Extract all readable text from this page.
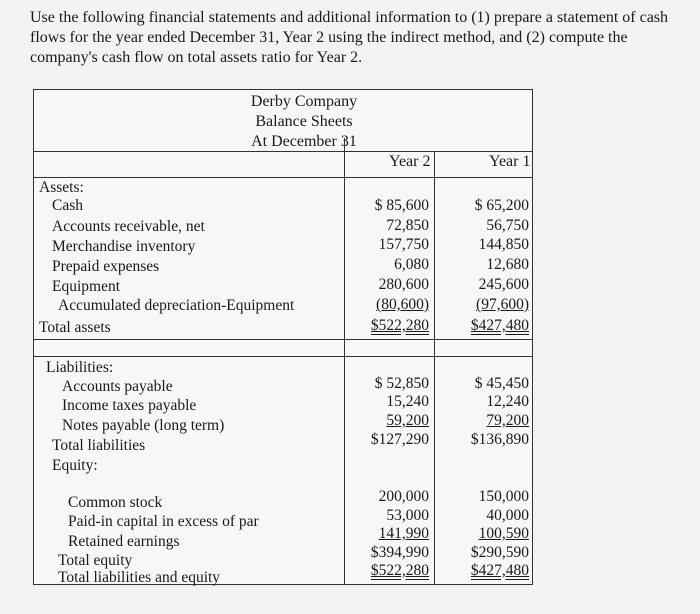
Use the following financial statements and additional information to (1) prepare a statement of cash flows for the year ended December 31, Year 2 using the indirect method, and (2) compute the company's cash flow on total assets ratio for Year 2.

Derby Company
Balance Sheets
At December 31
Year 2	Year 1
Assets:
Cash	$ 85,600	$ 65,200
Accounts receivable, net	72,850	56,750
Merchandise inventory	157,750	144,850
Prepaid expenses	6,080	12,680
Equipment	280,600	245,600
Accumulated depreciation-Equipment	(80,600)	(97,600)
Total assets	$522,280	$427,480
Liabilities:
Accounts payable	$ 52,850	$ 45,450
Income taxes payable	15,240	12,240
Notes payable (long term)	59,200	79,200
Total liabilities	$127,290	$136,890
Equity:
Common stock	200,000	150,000
Paid-in capital in excess of par	53,000	40,000
Retained earnings	141,990	100,590
Total equity	$394,990	$290,590
Total liabilities and equity	$522,280	$427,480
